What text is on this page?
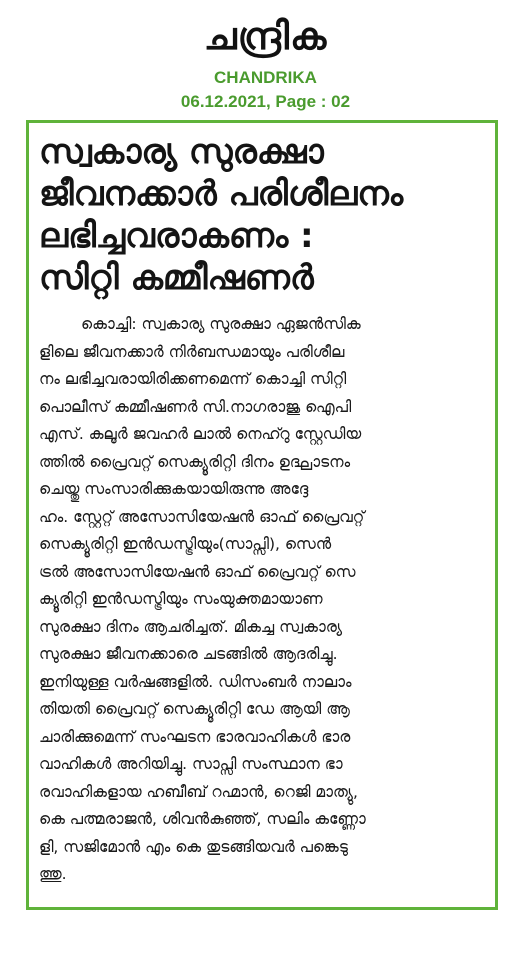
ചന്ദ്രിക
CHANDRIKA
06.12.2021, Page : 02
സ്വകാര്യ സുരക്ഷാ
ജീവനക്കാർ പരിശീലനം
ലഭിച്ചവരാകണം :
സിറ്റി കമ്മീഷണർ

കൊച്ചി: സ്വകാര്യ സുരക്ഷാ ഏജൻസിക
ളിലെ ജീവനക്കാർ നിർബന്ധമായും പരിശീല
നം ലഭിച്ചവരായിരിക്കണമെന്ന് കൊച്ചി സിറ്റി
പൊലീസ് കമ്മീഷണർ സി.നാഗരാജു ഐപി
എസ്. കലൂർ ജവഹർ ലാൽ നെഹ്റു സ്റ്റേഡിയ
ത്തിൽ പ്രൈവറ്റ് സെക്യൂരിറ്റി ദിനം ഉദ്ഘാടനം
ചെയ്തു സംസാരിക്കുകയായിരുന്നു അദ്ദേ
ഹം. സ്റ്റേറ്റ് അസോസിയേഷൻ ഓഫ് പ്രൈവറ്റ്
സെക്യൂരിറ്റി ഇൻഡസ്ട്രിയും(സാപ്സി), സെൻ
ട്രൽ അസോസിയേഷൻ ഓഫ് പ്രൈവറ്റ് സെ
ക്യൂരിറ്റി ഇൻഡസ്ട്രിയും സംയുക്തമായാണ
സുരക്ഷാ ദിനം ആചരിച്ചത്. മികച്ച സ്വകാര്യ
സുരക്ഷാ ജീവനക്കാരെ ചടങ്ങിൽ ആദരിച്ചു.
ഇനിയുള്ള വർഷങ്ങളിൽ. ഡിസംബർ നാലാം
തിയതി പ്രൈവറ്റ് സെക്യൂരിറ്റി ഡേ ആയി ആ
ചാരിക്കുമെന്ന് സംഘടന ഭാരവാഹികൾ ഭാര
വാഹികൾ അറിയിച്ചു. സാപ്സി സംസ്ഥാന ഭാ
രവാഹികളായ ഹബീബ് റഹ്മാൻ, റെജി മാത്യു,
കെ പത്മരാജൻ, ശിവൻകുഞ്ഞ്, സലിം കണ്ണോ
ളി, സജിമോൻ എം കെ തുടങ്ങിയവർ പങ്കെടു
ത്തു.
